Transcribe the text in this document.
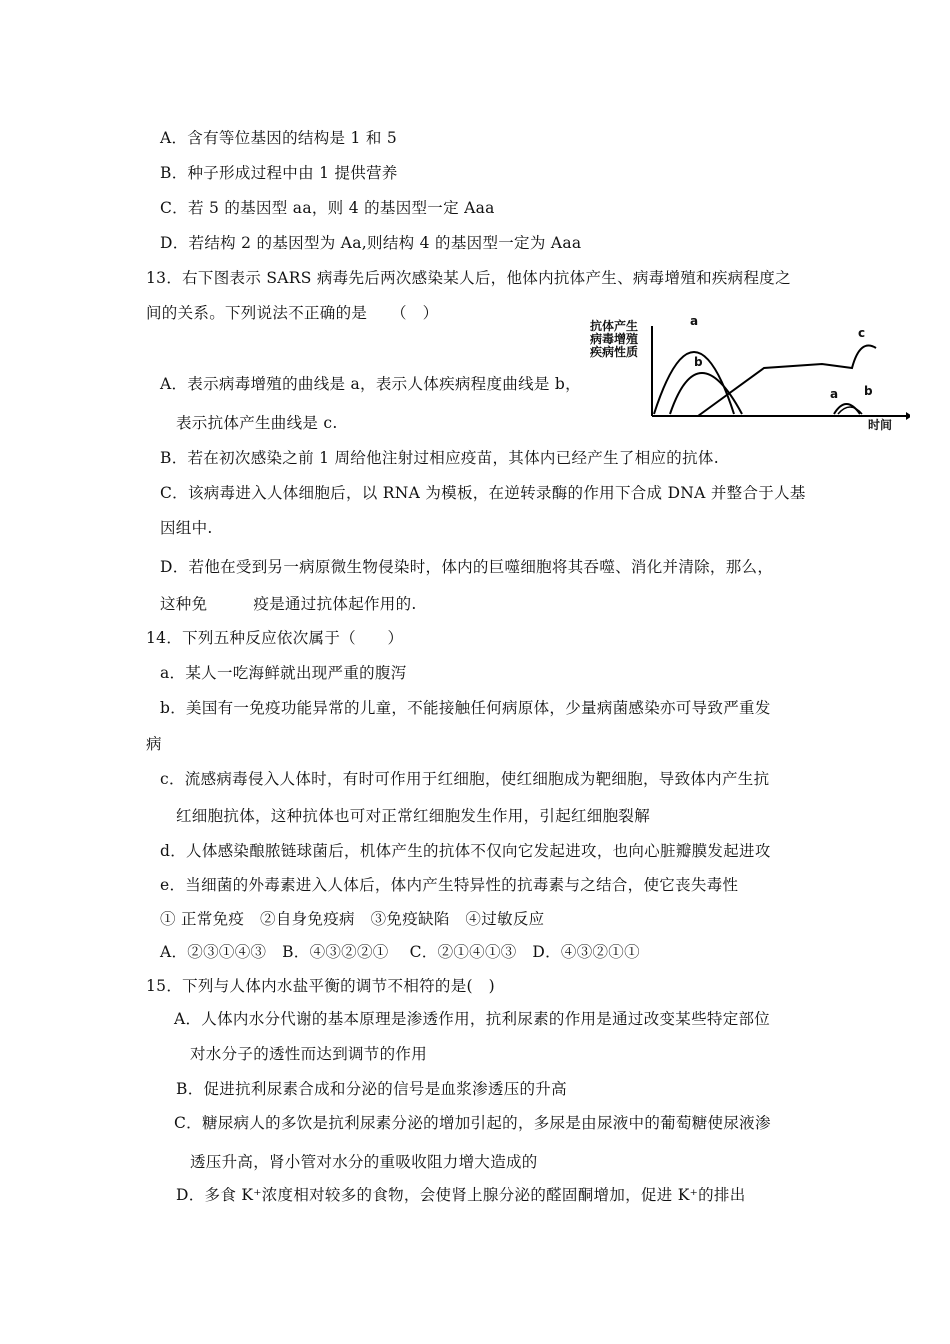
A．含有等位基因的结构是 1 和 5
B．种子形成过程中由 1 提供营养
C．若 5 的基因型 aa，则 4 的基因型一定 Aaa
D．若结构 2 的基因型为 Aa,则结构 4 的基因型一定为 Aaa
13．右下图表示 SARS 病毒先后两次感染某人后，他体内抗体产生、病毒增殖和疾病程度之
间的关系。下列说法不正确的是　　（　）
抗体产生
病毒增殖
疾病性质
a
b
c
a b
时间
A．表示病毒增殖的曲线是 a，表示人体疾病程度曲线是 b，
表示抗体产生曲线是 c.
B．若在初次感染之前 1 周给他注射过相应疫苗，其体内已经产生了相应的抗体.
C．该病毒进入人体细胞后，以 RNA 为模板，在逆转录酶的作用下合成 DNA 并整合于人基
因组中.
D．若他在受到另一病原微生物侵染时，体内的巨噬细胞将其吞噬、消化并清除，那么，
这种免	疫是通过抗体起作用的.
14．下列五种反应依次属于（　　）
a．某人一吃海鲜就出现严重的腹泻
b．美国有一免疫功能异常的儿童，不能接触任何病原体，少量病菌感染亦可导致严重发
病
c．流感病毒侵入人体时，有时可作用于红细胞，使红细胞成为靶细胞，导致体内产生抗
红细胞抗体，这种抗体也可对正常红细胞发生作用，引起红细胞裂解
d．人体感染酿脓链球菌后，机体产生的抗体不仅向它发起进攻，也向心脏瓣膜发起进攻
e．当细菌的外毒素进入人体后，体内产生特异性的抗毒素与之结合，使它丧失毒性
① 正常免疫　②自身免疫病　③免疫缺陷　④过敏反应
A．②③①④③　B．④③②②①　 C．②①④①③　D．④③②①①
15．下列与人体内水盐平衡的调节不相符的是(　)
A．人体内水分代谢的基本原理是渗透作用，抗利尿素的作用是通过改变某些特定部位
对水分子的透性而达到调节的作用
B．促进抗利尿素合成和分泌的信号是血浆渗透压的升高
C．糖尿病人的多饮是抗利尿素分泌的增加引起的，多尿是由尿液中的葡萄糖使尿液渗
透压升高，肾小管对水分的重吸收阻力增大造成的
D．多食 K⁺浓度相对较多的食物，会使肾上腺分泌的醛固酮增加，促进 K⁺的排出
